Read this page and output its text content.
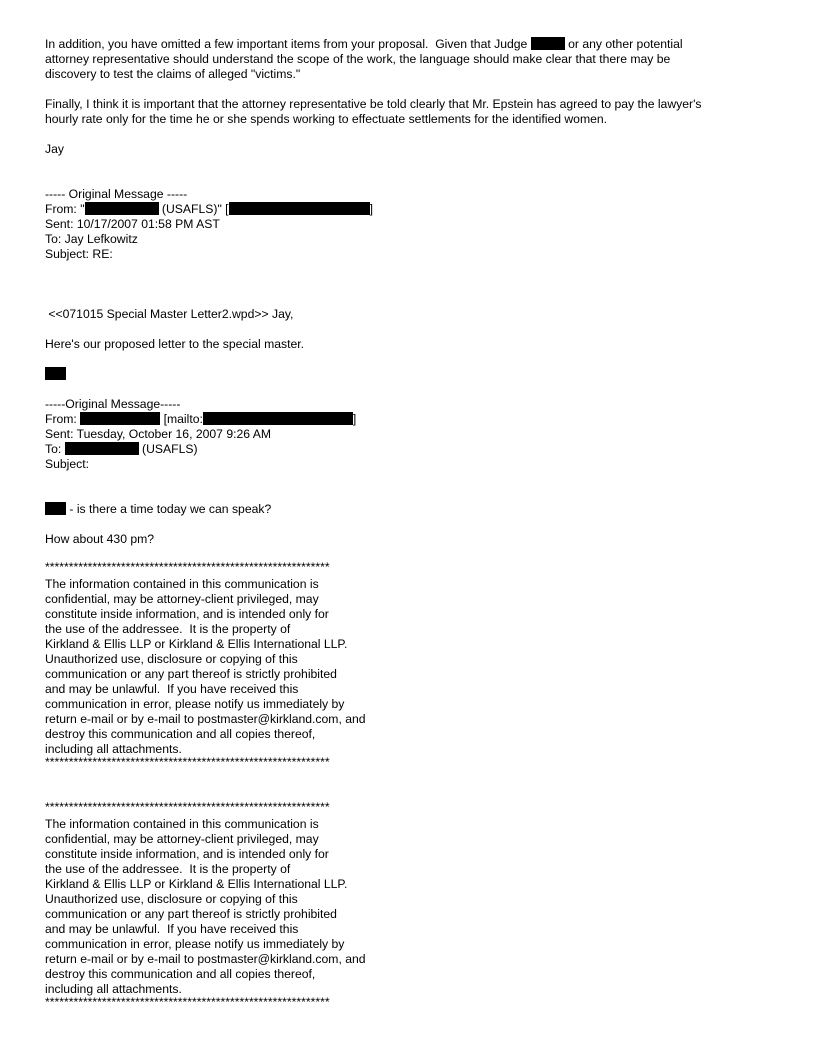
In addition, you have omitted a few important items from your proposal.  Given that Judge	or any other potential
attorney representative should understand the scope of the work, the language should make clear that there may be
discovery to test the claims of alleged "victims."
Finally, I think it is important that the attorney representative be told clearly that Mr. Epstein has agreed to pay the lawyer's
hourly rate only for the time he or she spends working to effectuate settlements for the identified women.
Jay
----- Original Message -----
From: "	(USAFLS)" [	]
Sent: 10/17/2007 01:58 PM AST
To: Jay Lefkowitz
Subject: RE:
<<071015 Special Master Letter2.wpd>> Jay,
Here's our proposed letter to the special master.
-----Original Message-----
From:	[mailto:	]
Sent: Tuesday, October 16, 2007 9:26 AM
To:	(USAFLS)
Subject:
- is there a time today we can speak?
How about 430 pm?
************************************************************
The information contained in this communication is
confidential, may be attorney-client privileged, may
constitute inside information, and is intended only for
the use of the addressee.  It is the property of
Kirkland & Ellis LLP or Kirkland & Ellis International LLP.
Unauthorized use, disclosure or copying of this
communication or any part thereof is strictly prohibited
and may be unlawful.  If you have received this
communication in error, please notify us immediately by
return e-mail or by e-mail to postmaster@kirkland.com, and
destroy this communication and all copies thereof,
including all attachments.
************************************************************
************************************************************
The information contained in this communication is
confidential, may be attorney-client privileged, may
constitute inside information, and is intended only for
the use of the addressee.  It is the property of
Kirkland & Ellis LLP or Kirkland & Ellis International LLP.
Unauthorized use, disclosure or copying of this
communication or any part thereof is strictly prohibited
and may be unlawful.  If you have received this
communication in error, please notify us immediately by
return e-mail or by e-mail to postmaster@kirkland.com, and
destroy this communication and all copies thereof,
including all attachments.
************************************************************
